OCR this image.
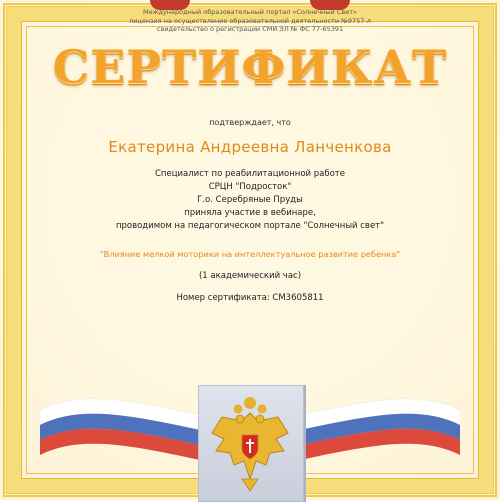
Международный образовательный портал «Солнечный Свет»
лицензия на осуществление образовательной деятельности №9757-л
свидетельство о регистрации СМИ ЭЛ № ФС 77-65391
СЕРТИФИКАТ
подтверждает, что
Екатерина Андреевна Ланченкова
Специалист по реабилитационной работе
СРЦН "Подросток"
Г.о. Серебряные Пруды
приняла участие в вебинаре,
проводимом на педагогическом портале "Солнечный свет"
"Влияние мелкой моторики на интеллектуальное развитие ребенка"
(1 академический час)
Номер сертификата: СМ3605811
